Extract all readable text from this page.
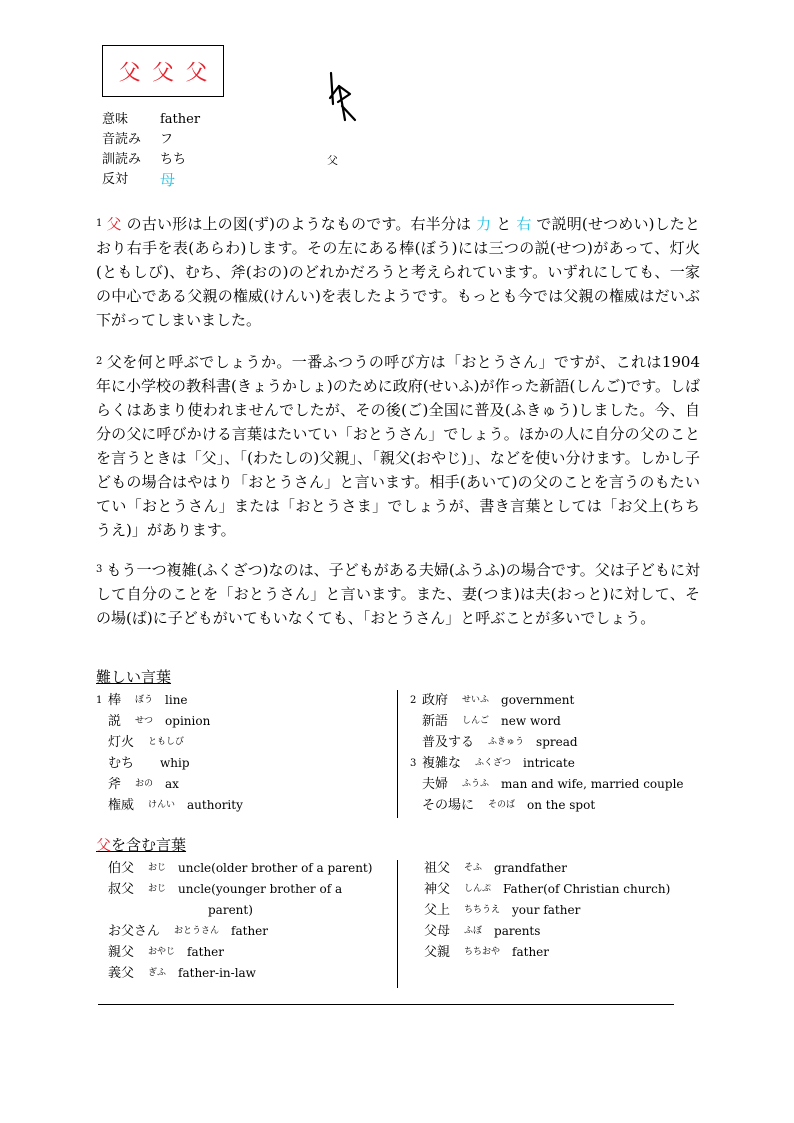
父 父 父
意味	father
音読み	フ
訓読み	ちち
反対	母
父
$^1$ 父 の古い形は上の図(ず)のようなものです。右半分は 力 と 右 で説明(せつめい)したとおり右手を表(あらわ)します。その左にある棒(ぼう)には三つの説(せつ)があって、灯火(ともしび)、むち、斧(おの)のどれかだろうと考えられています。いずれにしても、一家の中心である父親の権威(けんい)を表したようです。もっとも今では父親の権威はだいぶ下がってしまいました。
$^2$ 父を何と呼ぶでしょうか。一番ふつうの呼び方は「おとうさん」ですが、これは1904 年に小学校の教科書(きょうかしょ)のために政府(せいふ)が作った新語(しんご)です。しばらくはあまり使われませんでしたが、その後(ご)全国に普及(ふきゅう)しました。今、自分の父に呼びかける言葉はたいてい「おとうさん」でしょう。ほかの人に自分の父のことを言うときは「父」、「(わたしの)父親」、「親父(おやじ)」、などを使い分けます。しかし子どもの場合はやはり「おとうさん」と言います。相手(あいて)の父のことを言うのもたいてい「おとうさん」または「おとうさま」でしょうが、書き言葉としては「お父上(ちちうえ)」があります。
$^3$ もう一つ複雑(ふくざつ)なのは、子どもがある夫婦(ふうふ)の場合です。父は子どもに対して自分のことを「おとうさん」と言います。また、妻(つま)は夫(おっと)に対して、その場(ば)に子どもがいてもいなくても、「おとうさん」と呼ぶことが多いでしょう。
難しい言葉
1 棒 ぼう line
説 せつ opinion
灯火 ともしび
むち whip
斧 おの ax
権威 けんい authority
2 政府 せいふ government
新語 しんご new word
普及する ふきゅう spread
3 複雑な ふくざつ intricate
夫婦 ふうふ man and wife, married couple
その場に そのば on the spot
父を含む言葉
伯父 おじ uncle(older brother of a parent)
叔父 おじ uncle(younger brother of a
parent)
お父さん おとうさん father
親父 おやじ father
義父 ぎふ father-in-law
祖父 そふ grandfather
神父 しんぷ Father(of Christian church)
父上 ちちうえ your father
父母 ふぼ parents
父親 ちちおや father
